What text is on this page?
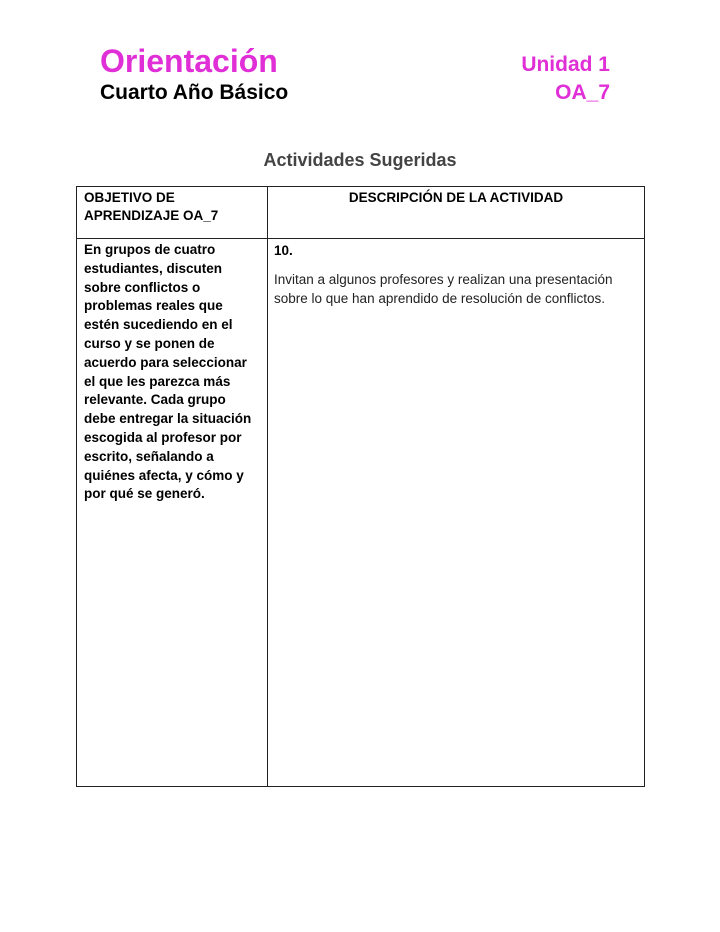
Orientación

Cuarto Año Básico

Unidad 1

OA_7

Actividades Sugeridas
OBJETIVO DE APRENDIZAJE OA_7	DESCRIPCIÓN DE LA ACTIVIDAD
En grupos de cuatro estudiantes, discuten sobre conflictos o problemas reales que estén sucediendo en el curso y se ponen de acuerdo para seleccionar el que les parezca más relevante. Cada grupo debe entregar la situación escogida al profesor por escrito, señalando a quiénes afecta, y cómo y por qué se generó.	10.

Invitan a algunos profesores y realizan una presentación sobre lo que han aprendido de resolución de conflictos.
